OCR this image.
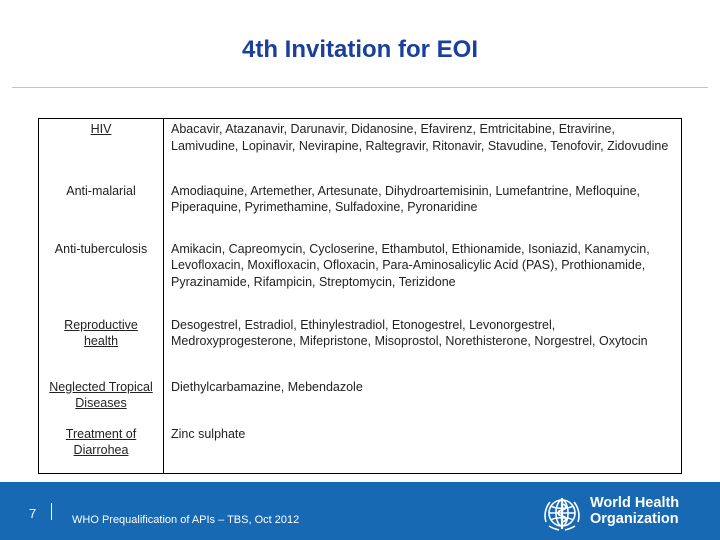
4th Invitation for EOI
HIV	Abacavir, Atazanavir, Darunavir, Didanosine, Efavirenz, Emtricitabine, Etravirine, Lamivudine, Lopinavir, Nevirapine, Raltegravir, Ritonavir, Stavudine, Tenofovir, Zidovudine
Anti-malarial	Amodiaquine, Artemether, Artesunate, Dihydroartemisinin, Lumefantrine, Mefloquine, Piperaquine, Pyrimethamine, Sulfadoxine, Pyronaridine
Anti-tuberculosis	Amikacin, Capreomycin, Cycloserine, Ethambutol, Ethionamide, Isoniazid, Kanamycin, Levofloxacin, Moxifloxacin, Ofloxacin, Para-Aminosalicylic Acid (PAS), Prothionamide, Pyrazinamide, Rifampicin, Streptomycin, Terizidone
Reproductive
health	Desogestrel, Estradiol, Ethinylestradiol, Etonogestrel, Levonorgestrel, Medroxyprogesterone, Mifepristone, Misoprostol, Norethisterone, Norgestrel, Oxytocin
Neglected Tropical
Diseases	Diethylcarbamazine, Mebendazole
Treatment of
Diarrohea	Zinc sulphate
7	WHO Prequalification of APIs – TBS, Oct 2012
World Health
Organization
